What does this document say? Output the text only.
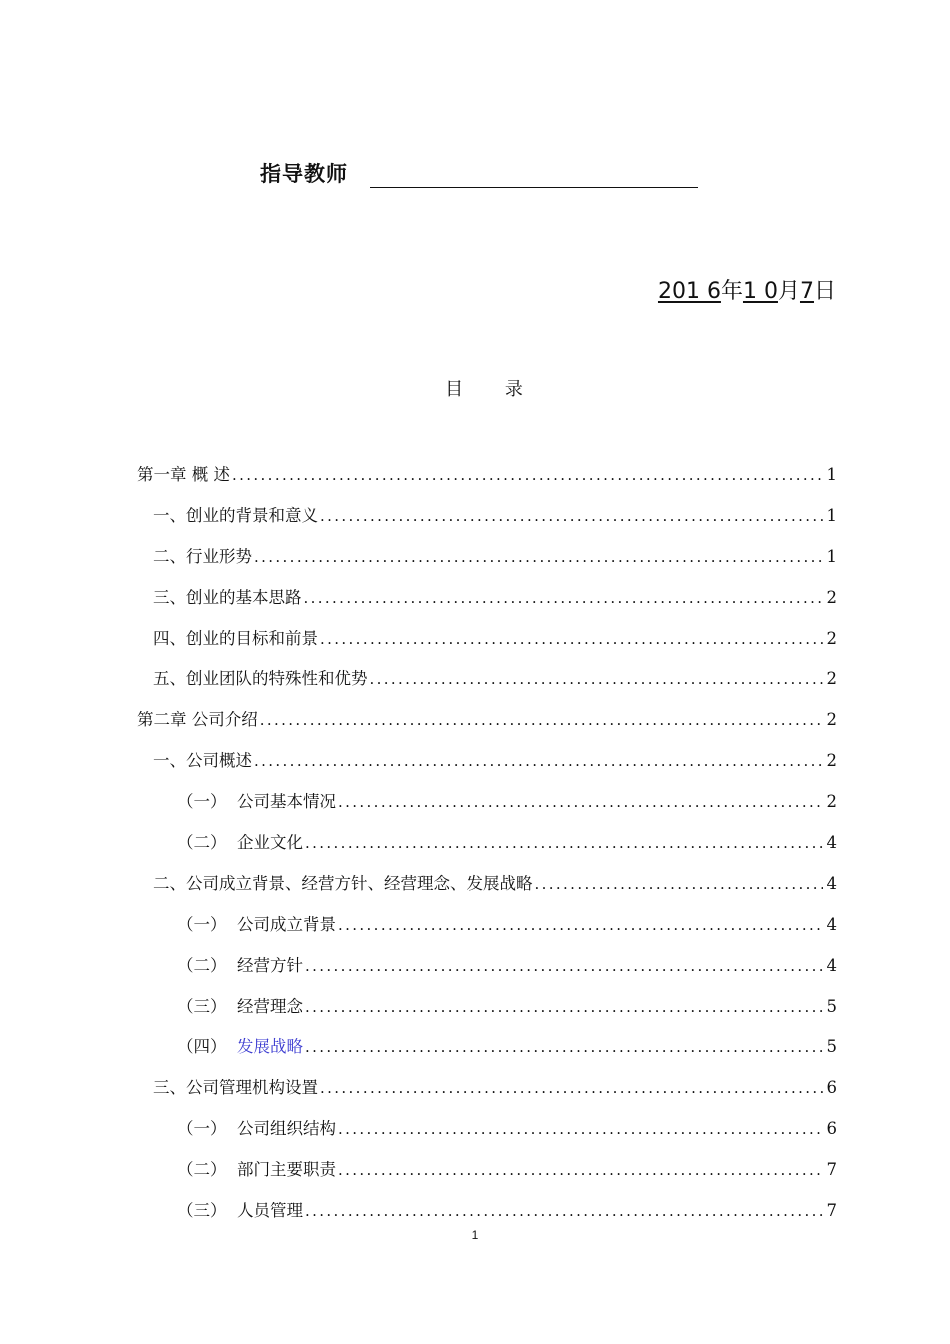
指导教师
201 6年1 0月7日
目 录
第一章 概 述 . . .	1
一、 创业的背景和意义 . . .	1
二、 行业形势 . . .	1
三、 创业的基本思路 . . .	2
四、 创业的目标和前景 . . .	2
五、 创业团队的特殊性和优势 . . .	2
第二章 公司介绍 . . .	2
一、 公司概述 . . .	2
（一） 公司基本情况 . . .	2
（二） 企业文化 . . .	4
二、 公司成立背景、经营方针、经营理念、发展战略 . . .	4
（一） 公司成立背景 . . .	4
（二） 经营方针 . . .	4
（三） 经营理念 . . .	5
（四） 发展战略 . . .	5
三、 公司管理机构设置 . . .	6
（一） 公司组织结构 . . .	6
（二） 部门主要职责 . . .	7
（三） 人员管理 . . .	7
1
